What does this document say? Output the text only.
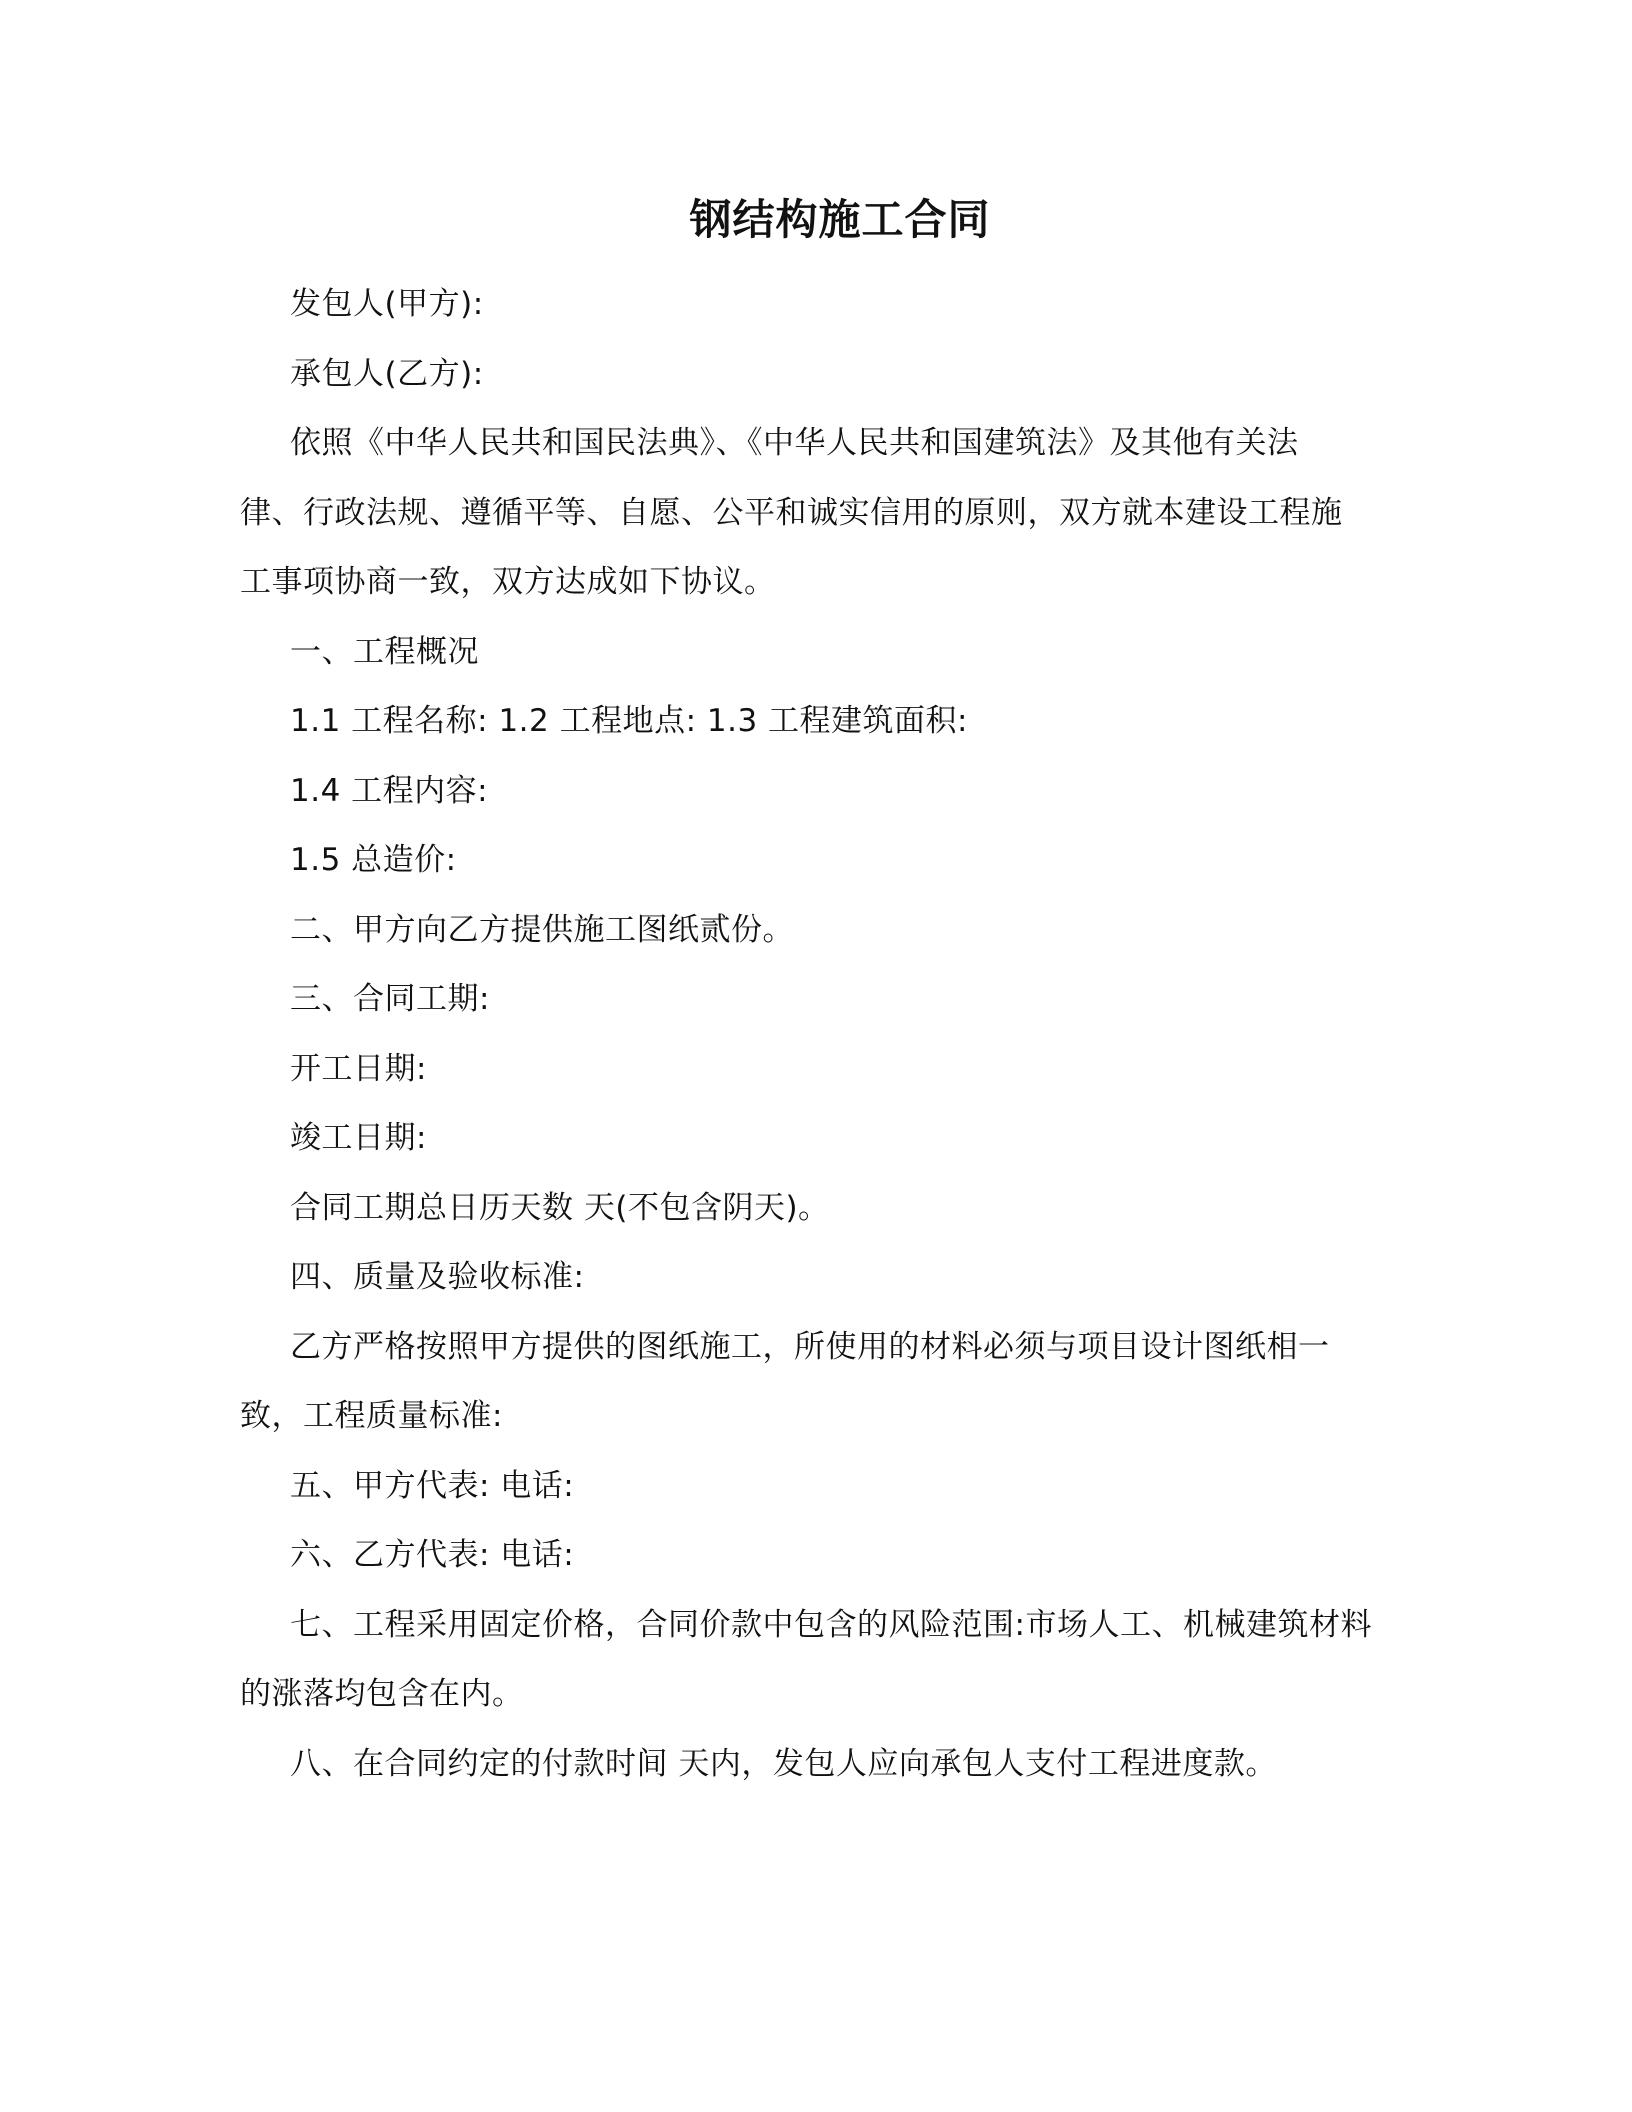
钢结构施工合同
发包人(甲方):
承包人(乙方):
依照《中华人民共和国民法典》、《中华人民共和国建筑法》及其他有关法
律、行政法规、遵循平等、自愿、公平和诚实信用的原则，双方就本建设工程施
工事项协商一致，双方达成如下协议。
一、工程概况
1.1 工程名称: 1.2 工程地点: 1.3 工程建筑面积:
1.4 工程内容:
1.5 总造价:
二、甲方向乙方提供施工图纸贰份。
三、合同工期:
开工日期:
竣工日期:
合同工期总日历天数 天(不包含阴天)。
四、质量及验收标准:
乙方严格按照甲方提供的图纸施工，所使用的材料必须与项目设计图纸相一
致，工程质量标准:
五、甲方代表: 电话:
六、乙方代表: 电话:
七、工程采用固定价格，合同价款中包含的风险范围:市场人工、机械建筑材料
的涨落均包含在内。
八、在合同约定的付款时间 天内，发包人应向承包人支付工程进度款。
